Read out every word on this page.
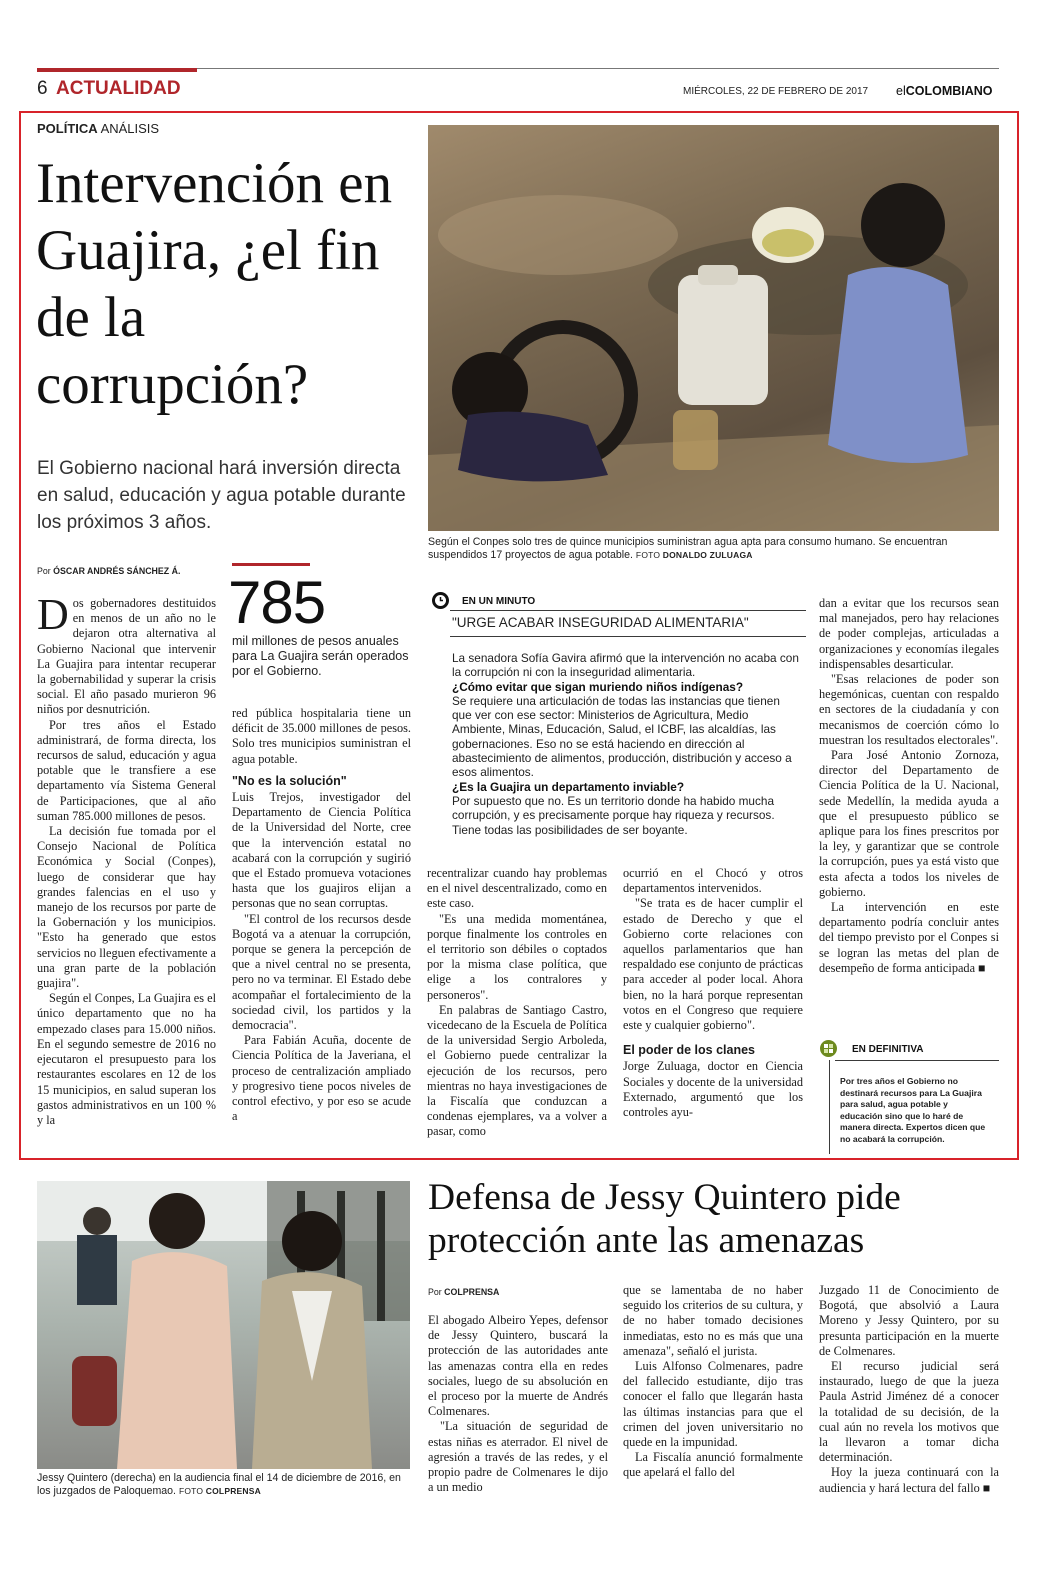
6 ACTUALIDAD	MIÉRCOLES, 22 DE FEBRERO DE 2017 elCOLOMBIANO
POLÍTICA ANÁLISIS
Intervención en Guajira, ¿el fin de la corrupción?
El Gobierno nacional hará inversión directa en salud, educación y agua potable durante los próximos 3 años.
Según el Conpes solo tres de quince municipios suministran agua apta para consumo humano. Se encuentran suspendidos 17 proyectos de agua potable. FOTO DONALDO ZULUAGA
Por ÓSCAR ANDRÉS SÁNCHEZ Á.

Dos gobernadores destituidos en menos de un año no le dejaron otra alternativa al Gobierno Nacional que intervenir La Guajira para intentar recuperar la gobernabilidad y superar la crisis social. El año pasado murieron 96 niños por desnutrición.

Por tres años el Estado administrará, de forma directa, los recursos de salud, educación y agua potable que le transfiere a ese departamento vía Sistema General de Participaciones, que al año suman 785.000 millones de pesos.

La decisión fue tomada por el Consejo Nacional de Política Económica y Social (Conpes), luego de considerar que hay grandes falencias en el uso y manejo de los recursos por parte de la Gobernación y los municipios. "Esto ha generado que estos servicios no lleguen efectivamente a una gran parte de la población guajira".

Según el Conpes, La Guajira es el único departamento que no ha empezado clases para 15.000 niños. En el segundo semestre de 2016 no ejecutaron el presupuesto para los restaurantes escolares en 12 de los 15 municipios, en salud superan los gastos administrativos en un 100 % y la

785
mil millones de pesos anuales para La Guajira serán operados por el Gobierno.

red pública hospitalaria tiene un déficit de 35.000 millones de pesos. Solo tres municipios suministran el agua potable.

"No es la solución"

Luis Trejos, investigador del Departamento de Ciencia Política de la Universidad del Norte, cree que la intervención estatal no acabará con la corrupción y sugirió que el Estado promueva votaciones hasta que los guajiros elijan a personas que no sean corruptas.

"El control de los recursos desde Bogotá va a atenuar la corrupción, porque se genera la percepción de que a nivel central no se presenta, pero no va terminar. El Estado debe acompañar el fortalecimiento de la sociedad civil, los partidos y la democracia".

Para Fabián Acuña, docente de Ciencia Política de la Javeriana, el proceso de centralización ampliado y progresivo tiene pocos niveles de control efectivo, y por eso se acude a

EN UN MINUTO
"URGE ACABAR INSEGURIDAD ALIMENTARIA"

La senadora Sofía Gavira afirmó que la intervención no acaba con la corrupción ni con la inseguridad alimentaria.

¿Cómo evitar que sigan muriendo niños indígenas?

Se requiere una articulación de todas las instancias que tienen que ver con ese sector: Ministerios de Agricultura, Medio Ambiente, Minas, Educación, Salud, el ICBF, las alcaldías, las gobernaciones. Eso no se está haciendo en dirección al abastecimiento de alimentos, producción, distribución y acceso a esos alimentos.

¿Es la Guajira un departamento inviable?

Por supuesto que no. Es un territorio donde ha habido mucha corrupción, y es precisamente porque hay riqueza y recursos. Tiene todas las posibilidades de ser boyante.

recentralizar cuando hay problemas en el nivel descentralizado, como en este caso.

"Es una medida momentánea, porque finalmente los controles en el territorio son débiles o coptados por la misma clase política, que elige a los contralores y personeros".

En palabras de Santiago Castro, vicedecano de la Escuela de Política de la universidad Sergio Arboleda, el Gobierno puede centralizar la ejecución de los recursos, pero mientras no haya investigaciones de la Fiscalía que conduzcan a condenas ejemplares, va a volver a pasar, como

ocurrió en el Chocó y otros departamentos intervenidos.

"Se trata es de hacer cumplir el estado de Derecho y que el Gobierno corte relaciones con aquellos parlamentarios que han respaldado ese conjunto de prácticas para acceder al poder local. Ahora bien, no la hará porque representan votos en el Congreso que requiere este y cualquier gobierno".

El poder de los clanes

Jorge Zuluaga, doctor en Ciencia Sociales y docente de la universidad Externado, argumentó que los controles ayu-

dan a evitar que los recursos sean mal manejados, pero hay relaciones de poder complejas, articuladas a organizaciones y economías ilegales indispensables desarticular.

"Esas relaciones de poder son hegemónicas, cuentan con respaldo en sectores de la ciudadanía y con mecanismos de coerción cómo lo muestran los resultados electorales".

Para José Antonio Zornoza, director del Departamento de Ciencia Política de la U. Nacional, sede Medellín, la medida ayuda a que el presupuesto público se aplique para los fines prescritos por la ley, y garantizar que se controle la corrupción, pues ya está visto que esta afecta a todos los niveles de gobierno.

La intervención en este departamento podría concluir antes del tiempo previsto por el Conpes si se logran las metas del plan de desempeño de forma anticipada ■

EN DEFINITIVA
Por tres años el Gobierno no destinará recursos para La Guajira para salud, agua potable y educación sino que lo haré de manera directa. Expertos dicen que no acabará la corrupción.
Jessy Quintero (derecha) en la audiencia final el 14 de diciembre de 2016, en los juzgados de Paloquemao. FOTO COLPRENSA
Defensa de Jessy Quintero pide protección ante las amenazas
Por COLPRENSA

El abogado Albeiro Yepes, defensor de Jessy Quintero, buscará la protección de las autoridades ante las amenazas contra ella en redes sociales, luego de su absolución en el proceso por la muerte de Andrés Colmenares.

"La situación de seguridad de estas niñas es aterrador. El nivel de agresión a través de las redes, y el propio padre de Colmenares le dijo a un medio

que se lamentaba de no haber seguido los criterios de su cultura, y de no haber tomado decisiones inmediatas, esto no es más que una amenaza", señaló el jurista.

Luis Alfonso Colmenares, padre del fallecido estudiante, dijo tras conocer el fallo que llegarán hasta las últimas instancias para que el crimen del joven universitario no quede en la impunidad.

La Fiscalía anunció formalmente que apelará el fallo del

Juzgado 11 de Conocimiento de Bogotá, que absolvió a Laura Moreno y Jessy Quintero, por su presunta participación en la muerte de Colmenares.

El recurso judicial será instaurado, luego de que la jueza Paula Astrid Jiménez dé a conocer la totalidad de su decisión, de la cual aún no revela los motivos que la llevaron a tomar dicha determinación.

Hoy la jueza continuará con la audiencia y hará lectura del fallo ■
